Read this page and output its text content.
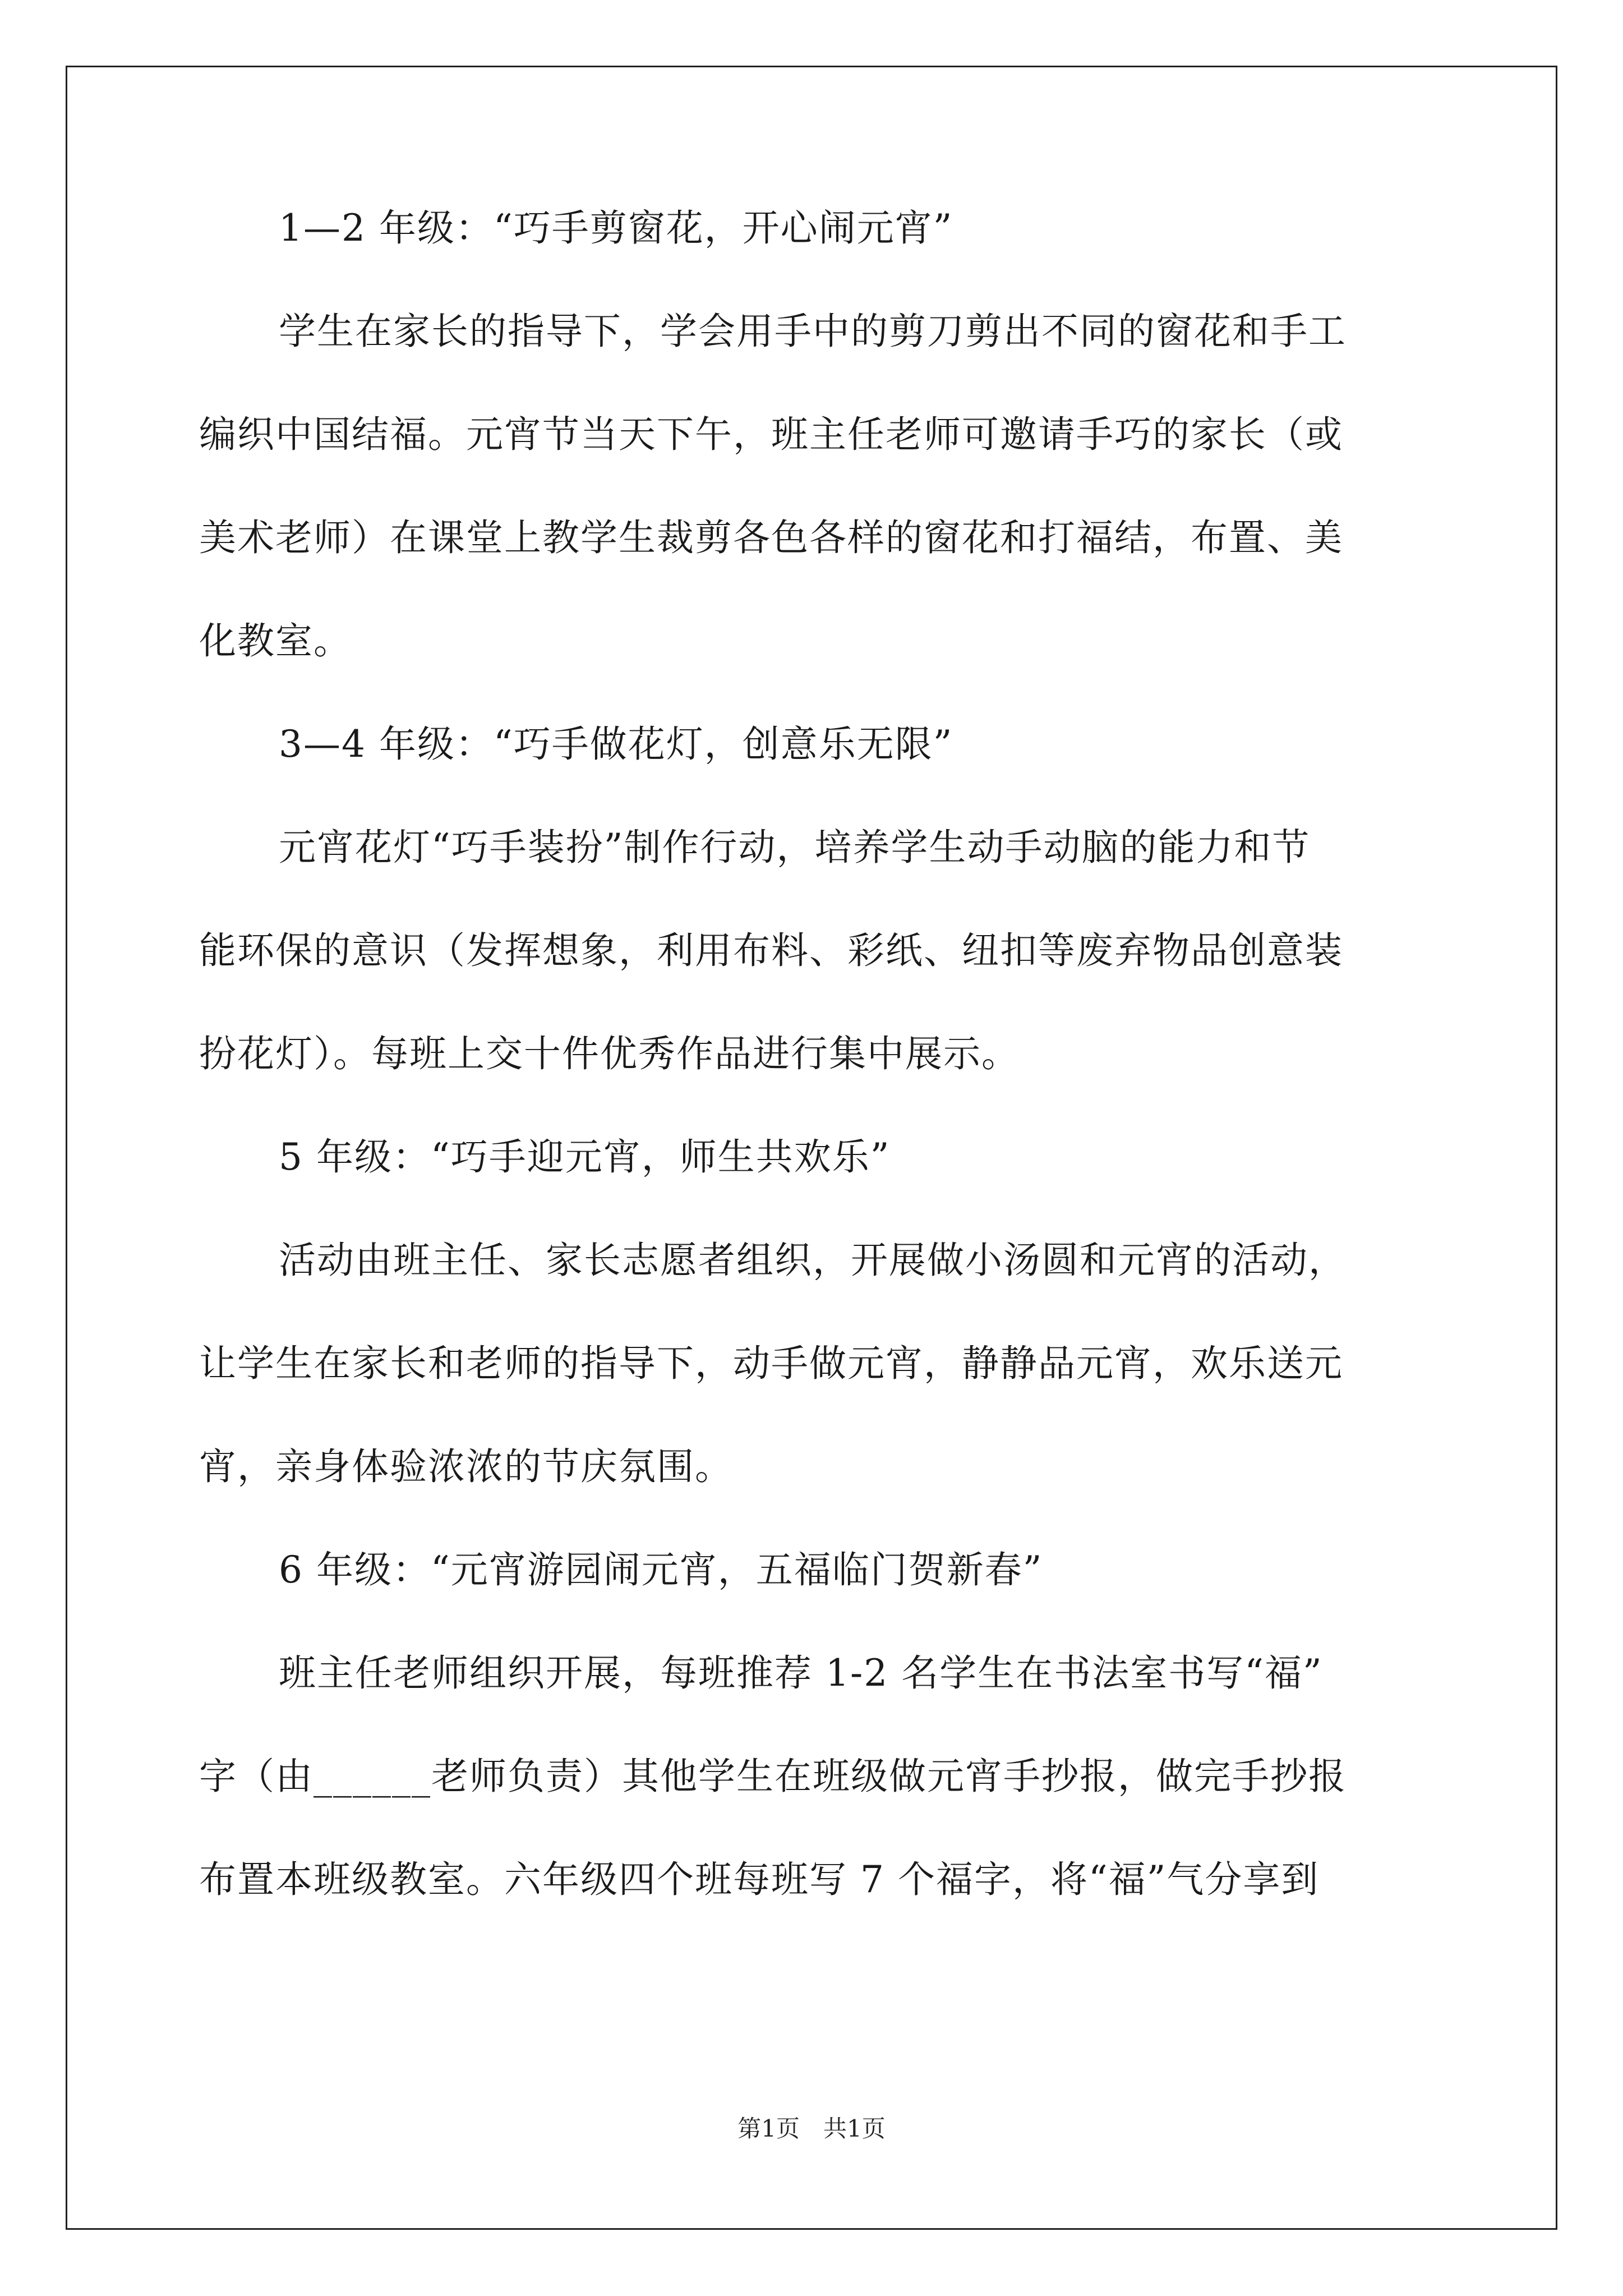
1—2 年级：“巧手剪窗花，开心闹元宵”
学生在家长的指导下，学会用手中的剪刀剪出不同的窗花和手工
编织中国结福。元宵节当天下午，班主任老师可邀请手巧的家长（或
美术老师）在课堂上教学生裁剪各色各样的窗花和打福结，布置、美
化教室。
3—4 年级：“巧手做花灯，创意乐无限”
元宵花灯“巧手装扮”制作行动，培养学生动手动脑的能力和节
能环保的意识（发挥想象，利用布料、彩纸、纽扣等废弃物品创意装
扮花灯）。每班上交十件优秀作品进行集中展示。
5 年级：“巧手迎元宵，师生共欢乐”
活动由班主任、家长志愿者组织，开展做小汤圆和元宵的活动，
让学生在家长和老师的指导下，动手做元宵，静静品元宵，欢乐送元
宵，亲身体验浓浓的节庆氛围。
6 年级：“元宵游园闹元宵，五福临门贺新春”
班主任老师组织开展，每班推荐 1-2 名学生在书法室书写“福”
字（由______老师负责）其他学生在班级做元宵手抄报，做完手抄报
布置本班级教室。六年级四个班每班写 7 个福字，将“福”气分享到
第1页　共1页
